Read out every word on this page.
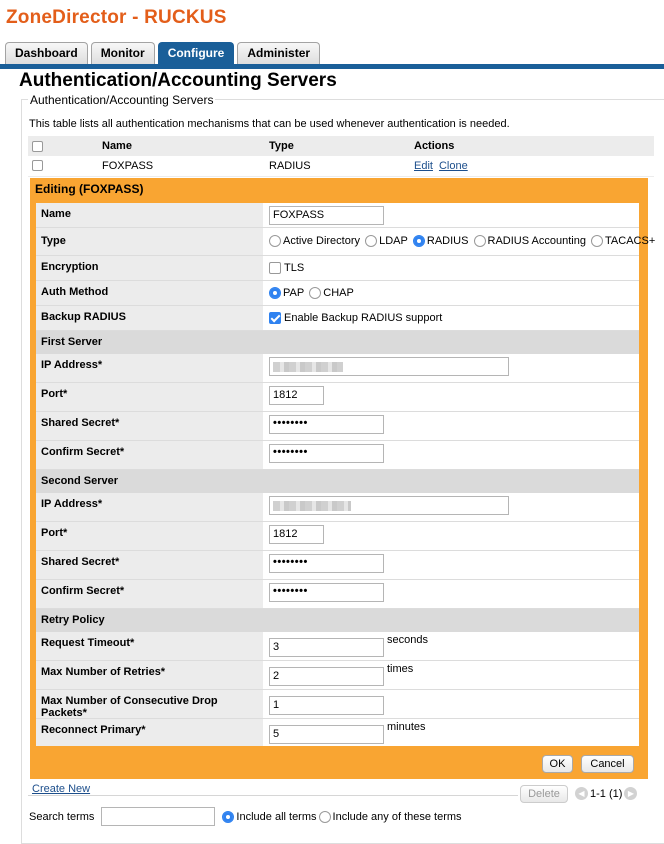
ZoneDirector - RUCKUS
Dashboard	Monitor	Configure	Administer
Authentication/Accounting Servers
Authentication/Accounting Servers
This table lists all authentication mechanisms that can be used whenever authentication is needed.
	Name	Type	Actions
	FOXPASS	RADIUS	Edit Clone
Editing (FOXPASS)
Name	FOXPASS
Type	Active Directory
LDAP
RADIUS
RADIUS Accounting
TACACS+
Encryption	TLS
Auth Method	PAP
CHAP
Backup RADIUS	Enable Backup RADIUS support
First Server
IP Address*
Port*	1812
Shared Secret*	••••••••
Confirm Secret*	••••••••
Second Server
IP Address*
Port*	1812
Shared Secret*	••••••••
Confirm Secret*	••••••••
Retry Policy
Request Timeout*	3
seconds
Max Number of Retries*	2
times
Max Number of Consecutive Drop Packets*
1
Reconnect Primary*	5
minutes
OK	Cancel
Create New	Delete	◀ 1-1 (1) ▶
Search terms	Include all terms Include any of these terms
